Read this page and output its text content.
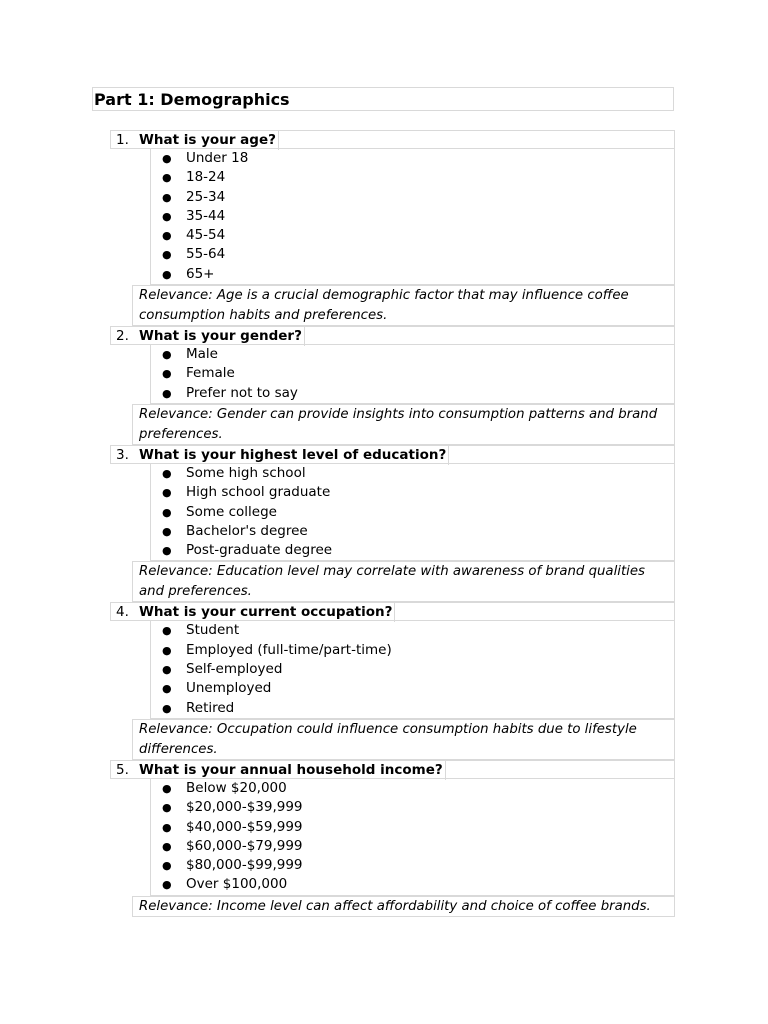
Part 1: Demographics
1. What is your age?
● Under 18
● 18-24
● 25-34
● 35-44
● 45-54
● 55-64
● 65+
Relevance: Age is a crucial demographic factor that may influence coffee consumption habits and preferences.
2. What is your gender?
● Male
● Female
● Prefer not to say
Relevance: Gender can provide insights into consumption patterns and brand preferences.
3. What is your highest level of education?
● Some high school
● High school graduate
● Some college
● Bachelor's degree
● Post-graduate degree
Relevance: Education level may correlate with awareness of brand qualities and preferences.
4. What is your current occupation?
● Student
● Employed (full-time/part-time)
● Self-employed
● Unemployed
● Retired
Relevance: Occupation could influence consumption habits due to lifestyle differences.
5. What is your annual household income?
● Below $20,000
● $20,000-$39,999
● $40,000-$59,999
● $60,000-$79,999
● $80,000-$99,999
● Over $100,000
Relevance: Income level can affect affordability and choice of coffee brands.
